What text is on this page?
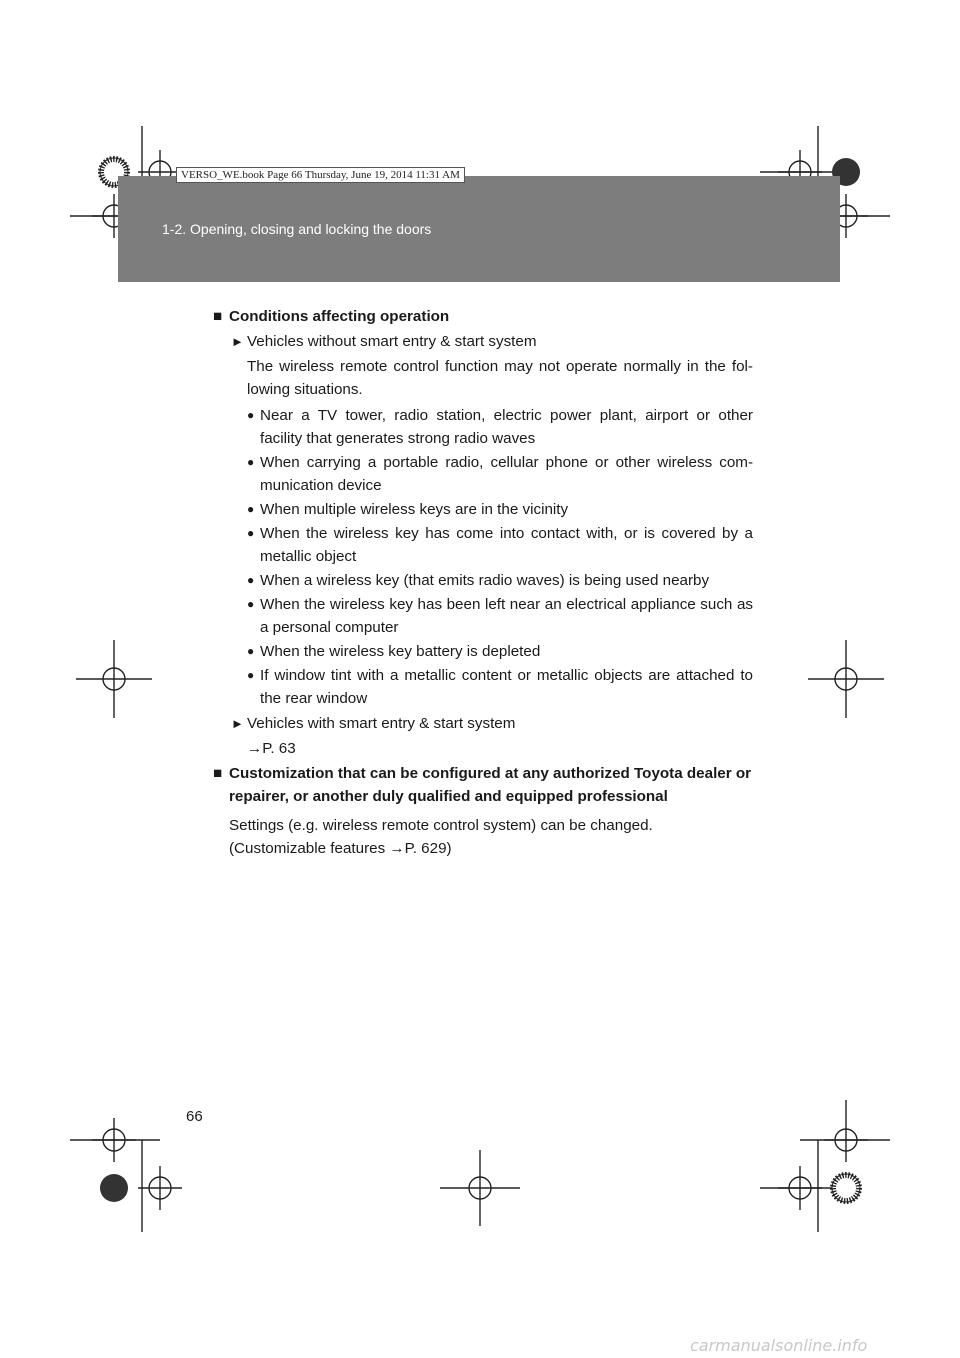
1-2. Opening, closing and locking the doors
VERSO_WE.book Page 66 Thursday, June 19, 2014 11:31 AM

■ Conditions affecting operation

► Vehicles without smart entry & start system
The wireless remote control function may not operate normally in the fol-lowing situations.
● Near a TV tower, radio station, electric power plant, airport or other facility that generates strong radio waves
● When carrying a portable radio, cellular phone or other wireless com-munication device
● When multiple wireless keys are in the vicinity
● When the wireless key has come into contact with, or is covered by a metallic object
● When a wireless key (that emits radio waves) is being used nearby
● When the wireless key has been left near an electrical appliance such as a personal computer
● When the wireless key battery is depleted
● If window tint with a metallic content or metallic objects are attached to the rear window
► Vehicles with smart entry & start system
→P. 63

■ Customization that can be configured at any authorized Toyota dealer or repairer, or another duly qualified and equipped professional

Settings (e.g. wireless remote control system) can be changed.
(Customizable features →P. 629)
66
carmanualsonline.info
